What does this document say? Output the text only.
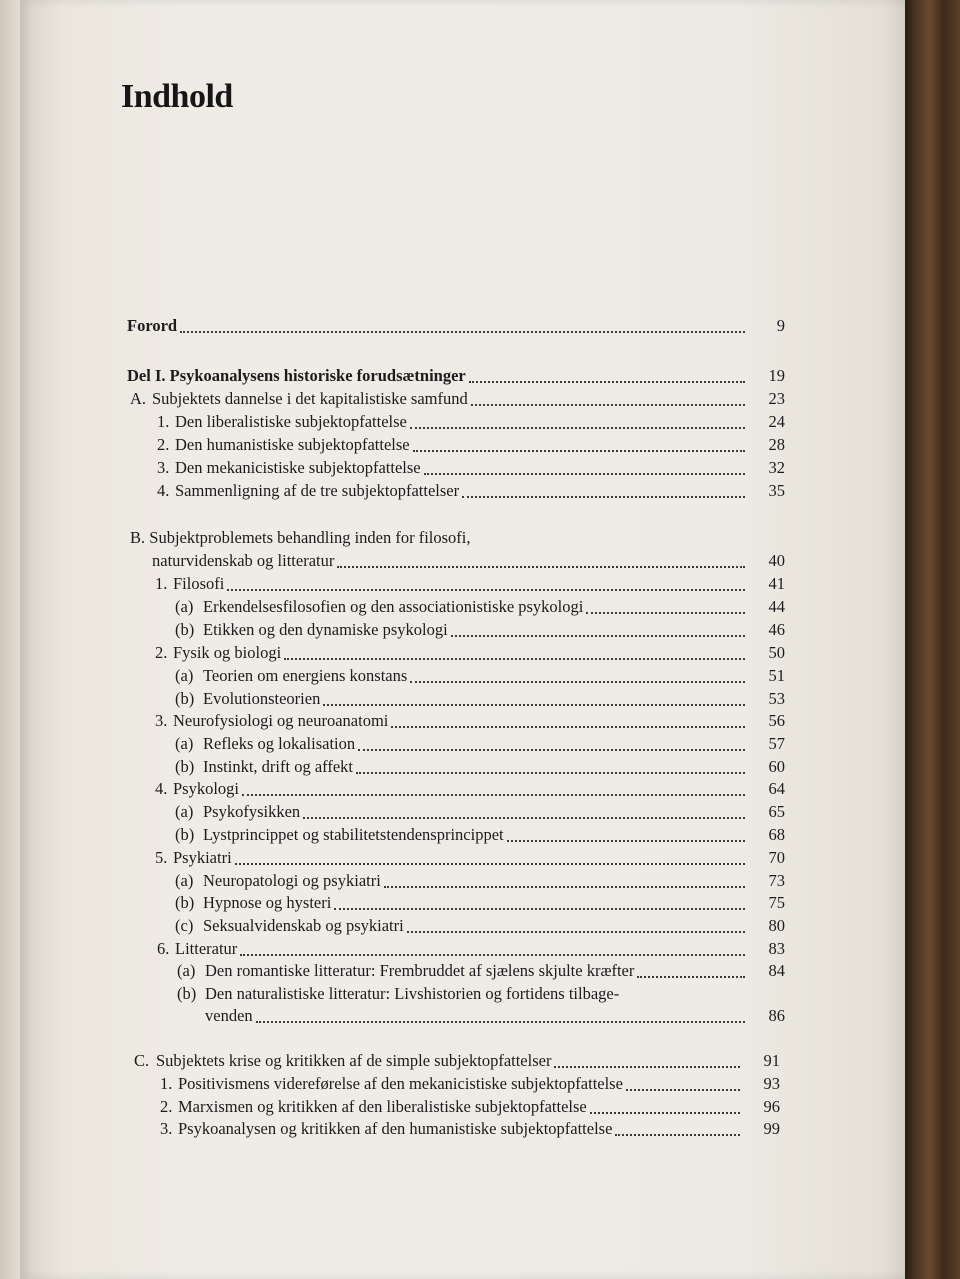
Indhold
Forord	9
Del I. Psykoanalysens historiske forudsætninger	19
A. Subjektets dannelse i det kapitalistiske samfund	23
1. Den liberalistiske subjektopfattelse	24
2. Den humanistiske subjektopfattelse	28
3. Den mekanicistiske subjektopfattelse	32
4. Sammenligning af de tre subjektopfattelser	35
B. Subjektproblemets behandling inden for filosofi,
naturvidenskab og litteratur	40
1. Filosofi	41
(a) Erkendelsesfilosofien og den associationistiske psykologi	44
(b) Etikken og den dynamiske psykologi	46
2. Fysik og biologi	50
(a) Teorien om energiens konstans	51
(b) Evolutionsteorien	53
3. Neurofysiologi og neuroanatomi	56
(a) Refleks og lokalisation	57
(b) Instinkt, drift og affekt	60
4. Psykologi	64
(a) Psykofysikken	65
(b) Lystprincippet og stabilitetstendensprincippet	68
5. Psykiatri	70
(a) Neuropatologi og psykiatri	73
(b) Hypnose og hysteri	75
(c) Seksualvidenskab og psykiatri	80
6. Litteratur	83
(a) Den romantiske litteratur: Frembruddet af sjælens skjulte kræfter	84
(b) Den naturalistiske litteratur: Livshistorien og fortidens tilbage-
venden	86
C. Subjektets krise og kritikken af de simple subjektopfattelser	91
1. Positivismens videreførelse af den mekanicistiske subjektopfattelse	93
2. Marxismen og kritikken af den liberalistiske subjektopfattelse	96
3. Psykoanalysen og kritikken af den humanistiske subjektopfattelse	99
